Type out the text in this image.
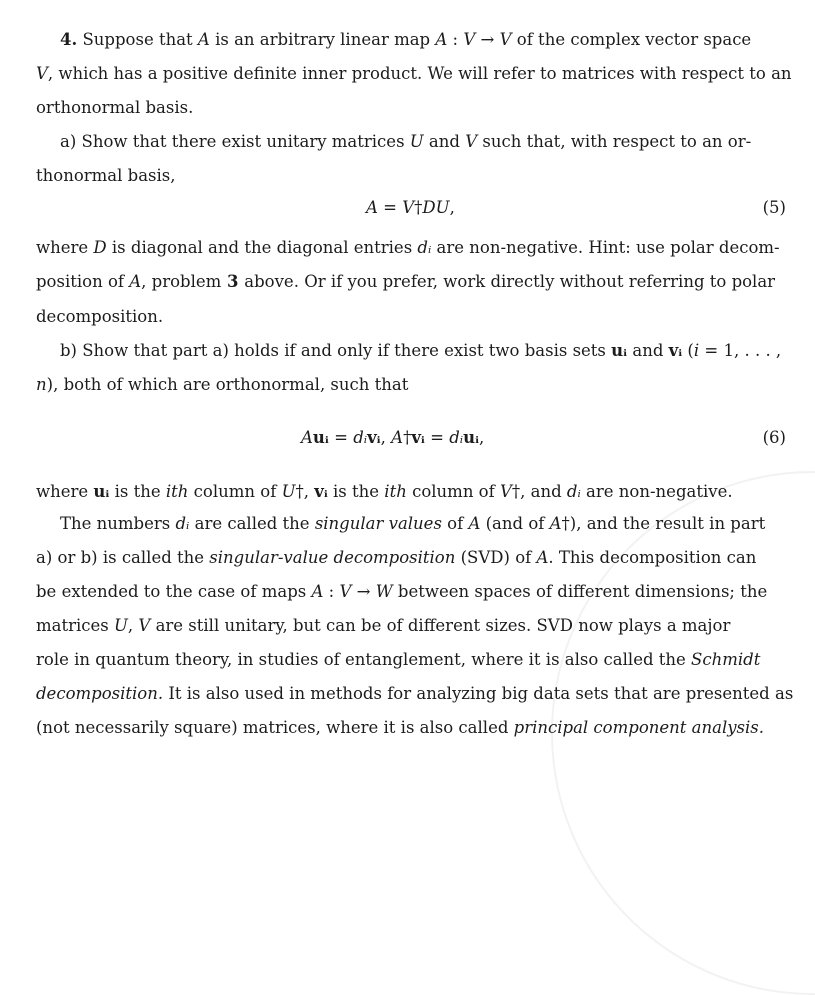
4. Suppose that A is an arbitrary linear map A : V → V of the complex vector space
V, which has a positive definite inner product. We will refer to matrices with respect to an
orthonormal basis.
a) Show that there exist unitary matrices U and V such that, with respect to an or-
thonormal basis,
A = V†DU,	(5)
where D is diagonal and the diagonal entries dᵢ are non-negative. Hint: use polar decom-
position of A, problem 3 above. Or if you prefer, work directly without referring to polar
decomposition.
b) Show that part a) holds if and only if there exist two basis sets uᵢ and vᵢ (i = 1, . . . ,
n), both of which are orthonormal, such that
Auᵢ = dᵢvᵢ, A†vᵢ = dᵢuᵢ,	(6)
where uᵢ is the ith column of U†, vᵢ is the ith column of V†, and dᵢ are non-negative.
The numbers dᵢ are called the singular values of A (and of A†), and the result in part
a) or b) is called the singular-value decomposition (SVD) of A. This decomposition can
be extended to the case of maps A : V → W between spaces of different dimensions; the
matrices U, V are still unitary, but can be of different sizes. SVD now plays a major
role in quantum theory, in studies of entanglement, where it is also called the Schmidt
decomposition. It is also used in methods for analyzing big data sets that are presented as
(not necessarily square) matrices, where it is also called principal component analysis.
